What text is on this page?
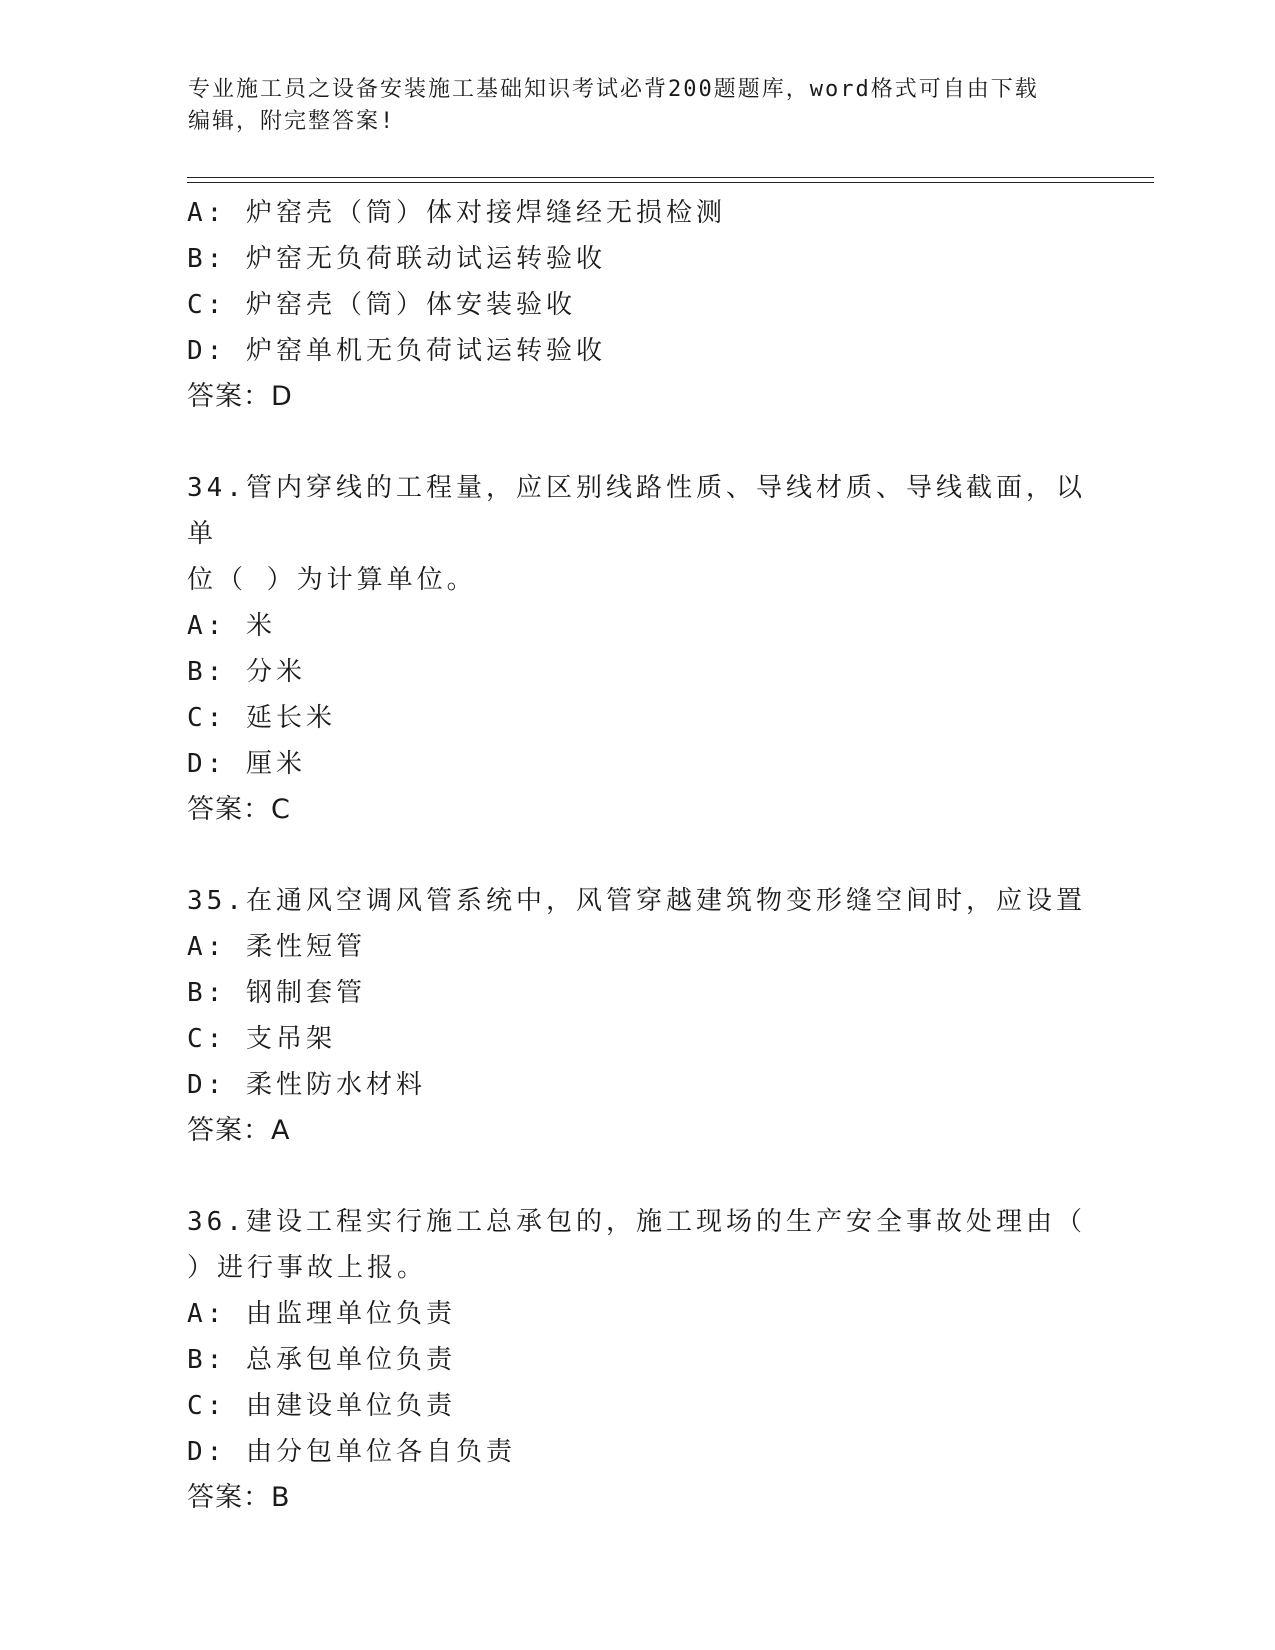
专业施工员之设备安装施工基础知识考试必背200题题库，word格式可自由下载
编辑，附完整答案!
A: 炉窑壳（筒）体对接焊缝经无损检测
B: 炉窑无负荷联动试运转验收
C: 炉窑壳（筒）体安装验收
D: 炉窑单机无负荷试运转验收
答案：D
34.管内穿线的工程量，应区别线路性质、导线材质、导线截面，以单
位（ ）为计算单位。
A: 米
B: 分米
C: 延长米
D: 厘米
答案：C
35.在通风空调风管系统中，风管穿越建筑物变形缝空间时，应设置
A: 柔性短管
B: 钢制套管
C: 支吊架
D: 柔性防水材料
答案：A
36.建设工程实行施工总承包的，施工现场的生产安全事故处理由（
）进行事故上报。
A: 由监理单位负责
B: 总承包单位负责
C: 由建设单位负责
D: 由分包单位各自负责
答案：B
